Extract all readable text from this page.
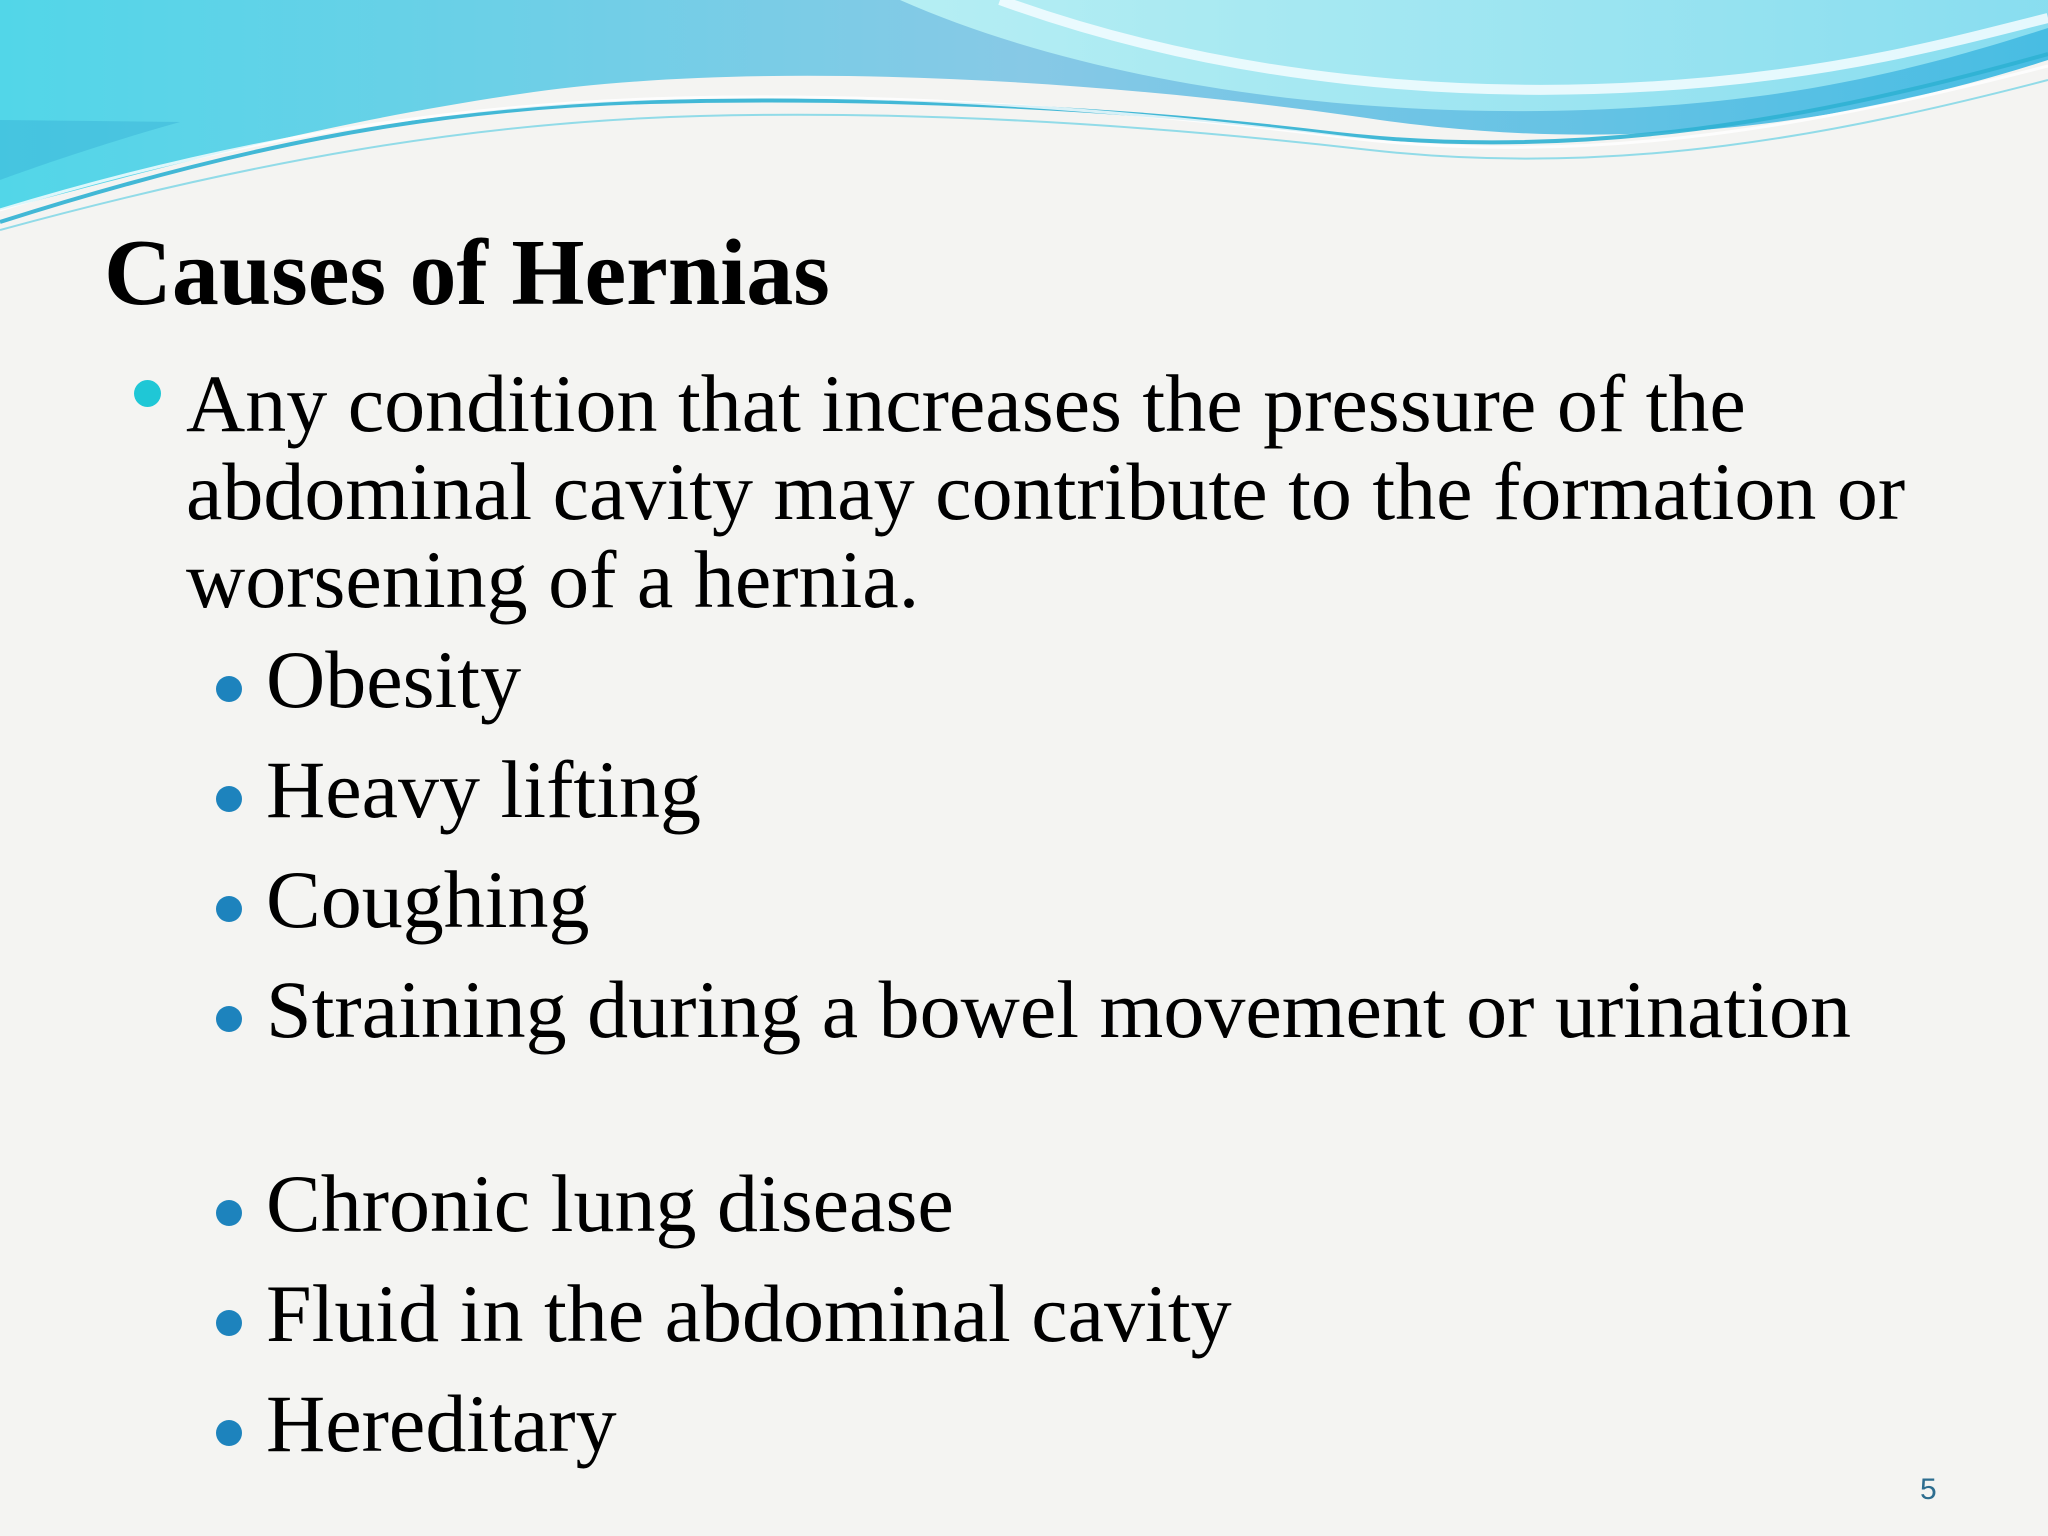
Causes of Hernias
Any condition that increases the pressure of the abdominal cavity may contribute to the formation or worsening of a hernia.
Obesity
Heavy lifting
Coughing
Straining during a bowel movement or urination
Chronic lung disease
Fluid in the abdominal cavity
Hereditary
5
